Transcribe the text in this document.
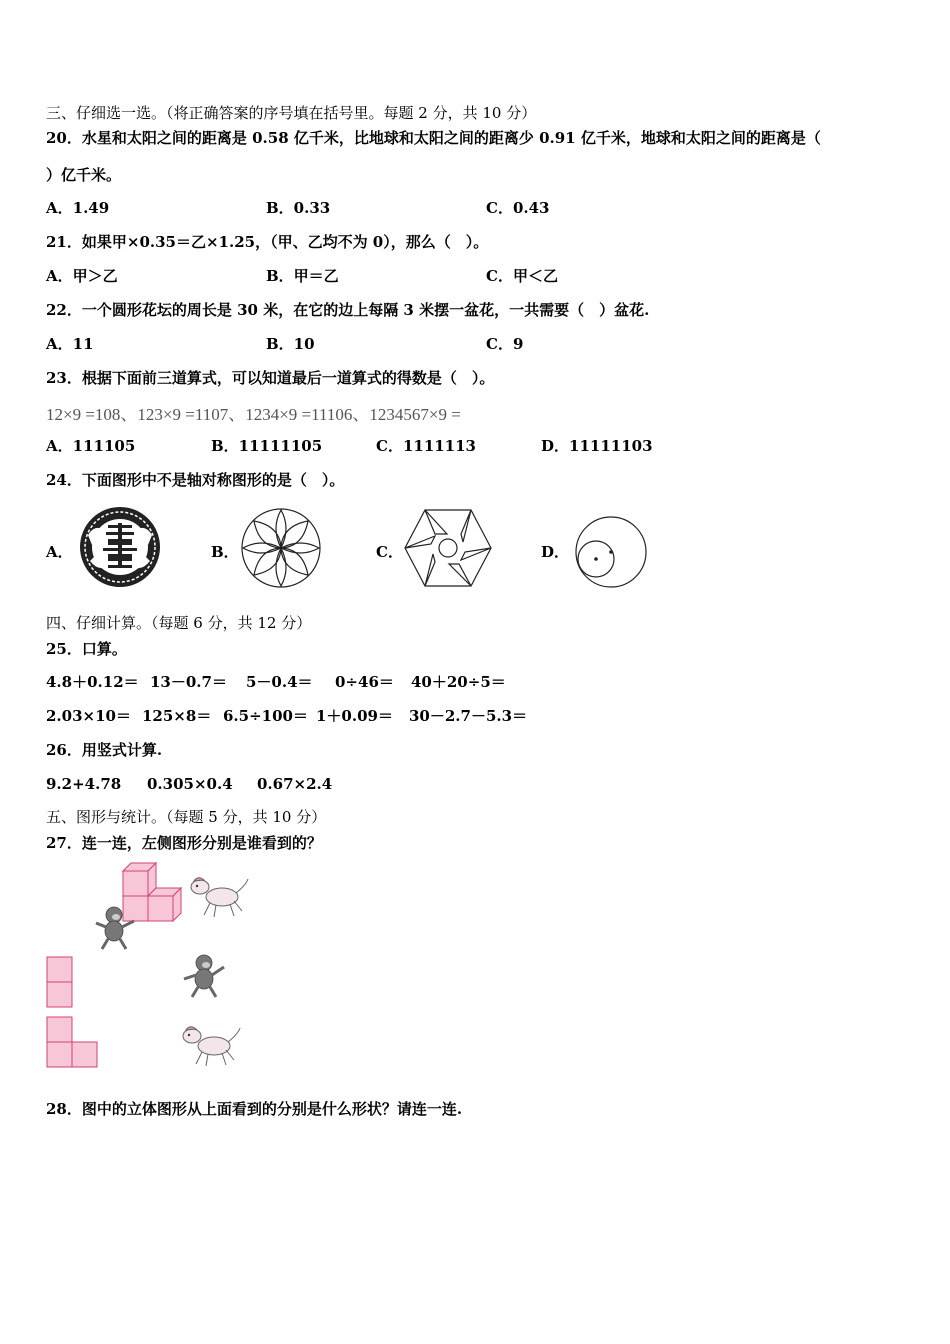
三、仔细选一选。（将正确答案的序号填在括号里。每题 2 分，共 10 分）
20．水星和太阳之间的距离是 0.58 亿千米，比地球和太阳之间的距离少 0.91 亿千米，地球和太阳之间的距离是（
）亿千米。
A．1.49	B．0.33	C．0.43
21．如果甲×0.35＝乙×1.25，（甲、乙均不为 0），那么（　）。
A．甲＞乙	B．甲＝乙	C．甲＜乙
22．一个圆形花坛的周长是 30 米，在它的边上每隔 3 米摆一盆花，一共需要（　）盆花.
A．11	B．10	C．9
23．根据下面前三道算式，可以知道最后一道算式的得数是（　）。
12×9 =108、123×9 =1107、1234×9 =11106、1234567×9 =
A．111105	B．11111105	C．1111113	D．11111103
24．下面图形中不是轴对称图形的是（　）。
A．	B．	C．	D．
四、仔细计算。（每题 6 分，共 12 分）
25．口算。
4.8＋0.12＝ 13－0.7＝ 5－0.4＝ 0÷46＝ 40＋20÷5＝
2.03×10＝ 125×8＝ 6.5÷100＝ 1＋0.09＝ 30－2.7－5.3＝
26．用竖式计算.
9.2+4.78 0.305×0.4 0.67×2.4
五、图形与统计。（每题 5 分，共 10 分）
27．连一连，左侧图形分别是谁看到的？
28．图中的立体图形从上面看到的分别是什么形状？请连一连.
